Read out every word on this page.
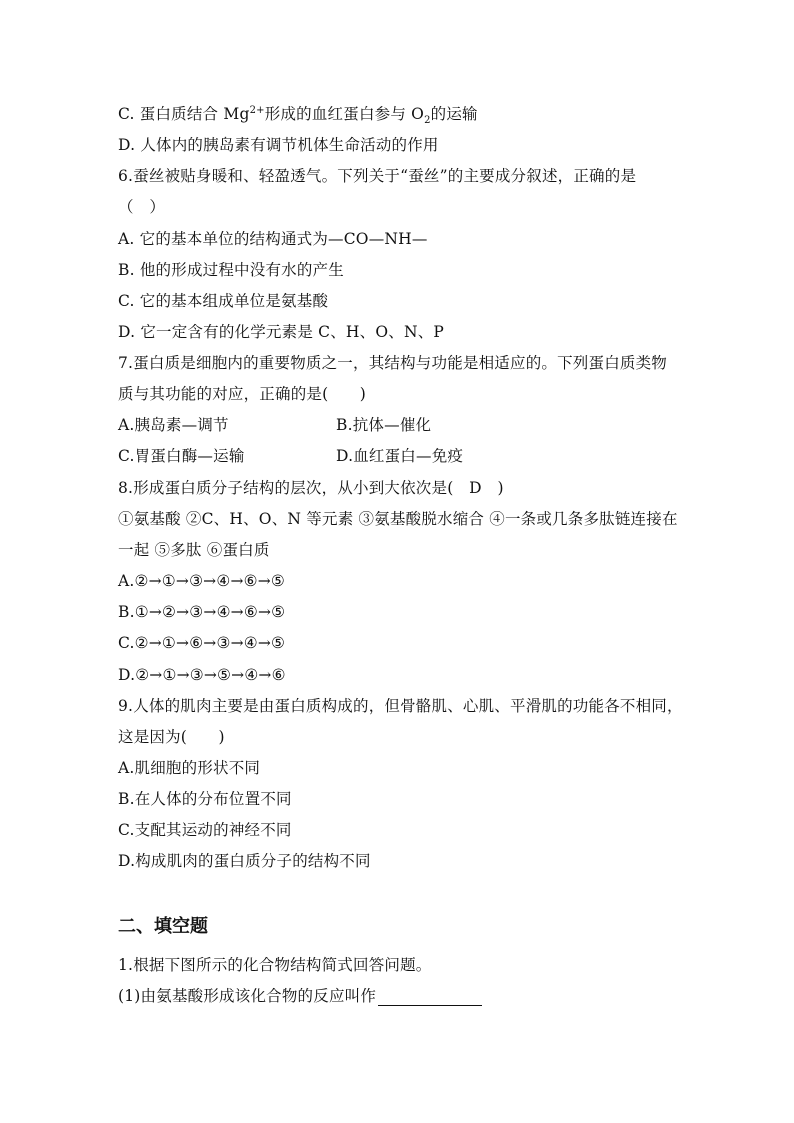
C. 蛋白质结合 $Mg^{2+}$形成的血红蛋白参与 $O_2$的运输
D. 人体内的胰岛素有调节机体生命活动的作用
6.蚕丝被贴身暖和、轻盈透气。下列关于“蚕丝”的主要成分叙述，正确的是
（　）
A. 它的基本单位的结构通式为—CO—NH—
B. 他的形成过程中没有水的产生
C. 它的基本组成单位是氨基酸
D. 它一定含有的化学元素是 C、H、O、N、P
7.蛋白质是细胞内的重要物质之一，其结构与功能是相适应的。下列蛋白质类物
质与其功能的对应，正确的是(　　)
A.胰岛素—调节	B.抗体—催化
C.胃蛋白酶—运输	D.血红蛋白—免疫
8.形成蛋白质分子结构的层次，从小到大依次是(　D　)
①氨基酸 ②C、H、O、N 等元素 ③氨基酸脱水缩合 ④一条或几条多肽链连接在
一起 ⑤多肽 ⑥蛋白质
A.②→①→③→④→⑥→⑤
B.①→②→③→④→⑥→⑤
C.②→①→⑥→③→④→⑤
D.②→①→③→⑤→④→⑥
9.人体的肌肉主要是由蛋白质构成的，但骨骼肌、心肌、平滑肌的功能各不相同，
这是因为(　　)
A.肌细胞的形状不同
B.在人体的分布位置不同
C.支配其运动的神经不同
D.构成肌肉的蛋白质分子的结构不同
二、填空题
1.根据下图所示的化合物结构简式回答问题。
(1)由氨基酸形成该化合物的反应叫作
